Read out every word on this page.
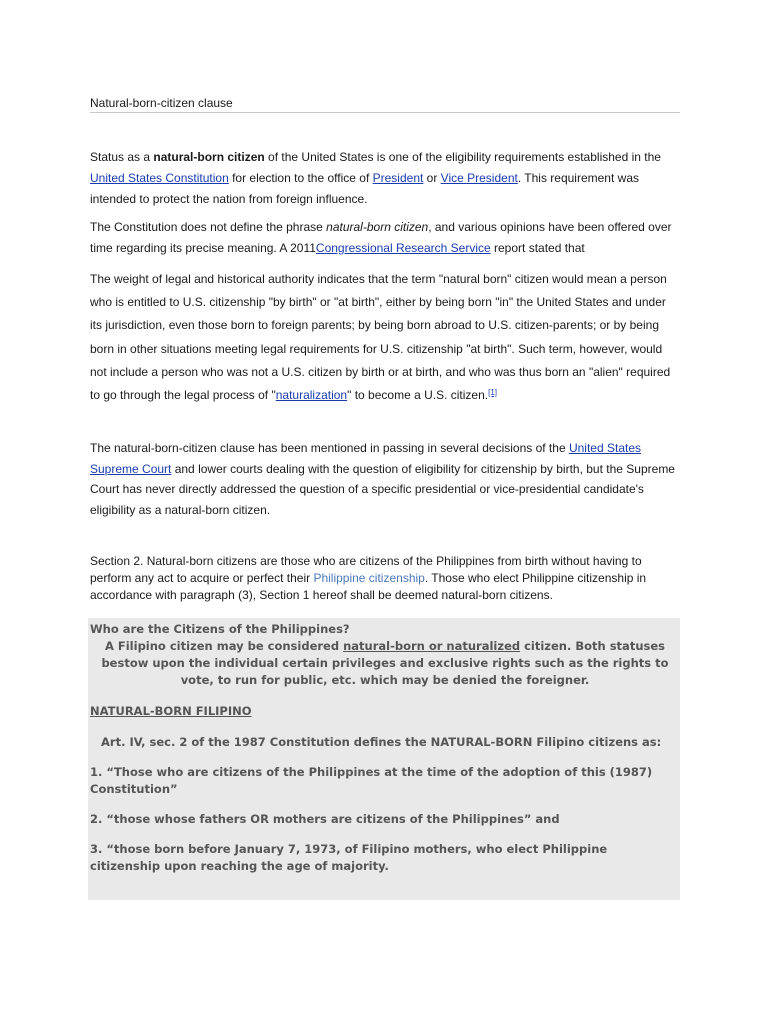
Natural-born-citizen clause

Status as a natural-born citizen of the United States is one of the eligibility requirements established in the United States Constitution for election to the office of President or Vice President. This requirement was intended to protect the nation from foreign influence.

The Constitution does not define the phrase natural-born citizen, and various opinions have been offered over time regarding its precise meaning. A 2011Congressional Research Service report stated that

The weight of legal and historical authority indicates that the term "natural born" citizen would mean a person who is entitled to U.S. citizenship "by birth" or "at birth", either by being born "in" the United States and under its jurisdiction, even those born to foreign parents; by being born abroad to U.S. citizen-parents; or by being born in other situations meeting legal requirements for U.S. citizenship "at birth". Such term, however, would not include a person who was not a U.S. citizen by birth or at birth, and who was thus born an "alien" required to go through the legal process of "naturalization" to become a U.S. citizen.[1]

The natural-born-citizen clause has been mentioned in passing in several decisions of the United States Supreme Court and lower courts dealing with the question of eligibility for citizenship by birth, but the Supreme Court has never directly addressed the question of a specific presidential or vice-presidential candidate's eligibility as a natural-born citizen.

Section 2. Natural-born citizens are those who are citizens of the Philippines from birth without having to perform any act to acquire or perfect their Philippine citizenship. Those who elect Philippine citizenship in accordance with paragraph (3), Section 1 hereof shall be deemed natural-born citizens.

Who are the Citizens of the Philippines?
A Filipino citizen may be considered natural-born or naturalized citizen. Both statuses bestow upon the individual certain privileges and exclusive rights such as the rights to vote, to run for public, etc. which may be denied the foreigner.
NATURAL-BORN FILIPINO
Art. IV, sec. 2 of the 1987 Constitution defines the NATURAL-BORN Filipino citizens as:
1. “Those who are citizens of the Philippines at the time of the adoption of this (1987) Constitution”
2. “those whose fathers OR mothers are citizens of the Philippines” and
3. “those born before January 7, 1973, of Filipino mothers, who elect Philippine citizenship upon reaching the age of majority.
